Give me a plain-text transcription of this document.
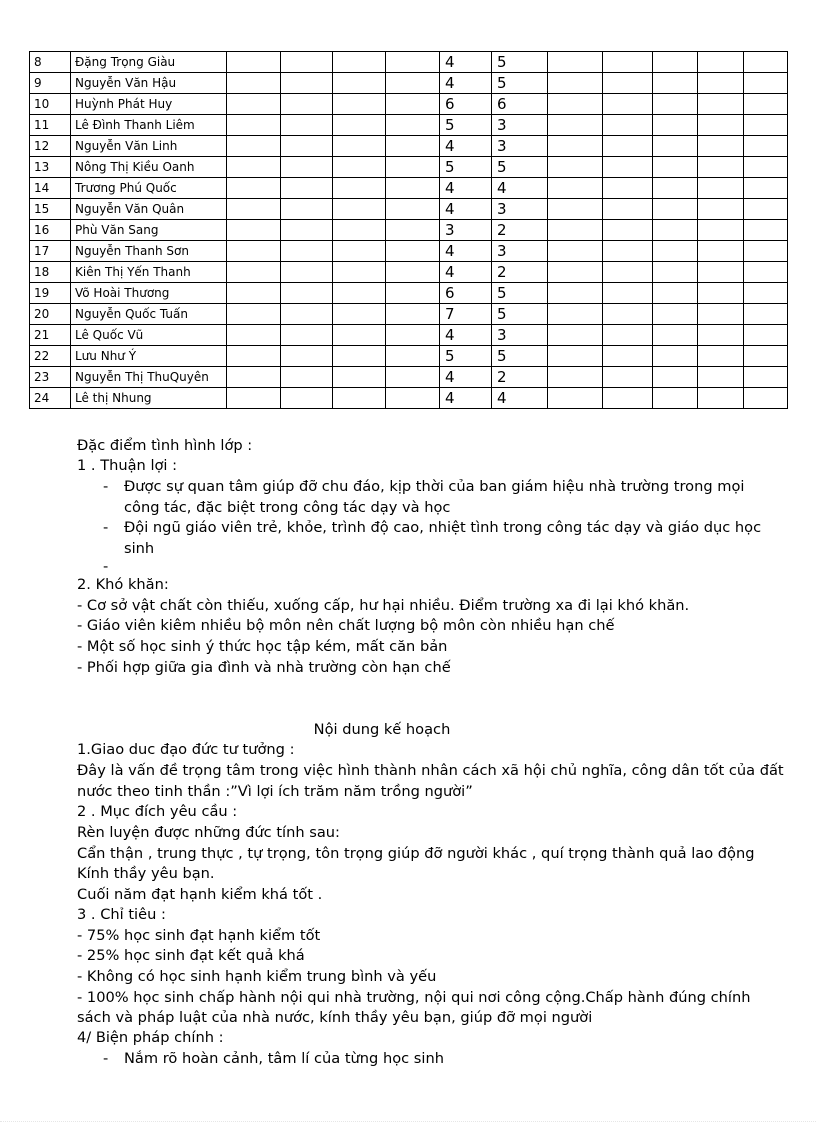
8	Đặng Trọng Giàu					4	5					
9	Nguyễn Văn Hậu					4	5					
10	Huỳnh Phát Huy					6	6					
11	Lê Đình Thanh Liêm					5	3					
12	Nguyễn Văn Linh					4	3					
13	Nông Thị Kiều Oanh					5	5					
14	Trương Phú Quốc					4	4					
15	Nguyễn Văn Quân					4	3					
16	Phù Văn Sang					3	2					
17	Nguyễn Thanh Sơn					4	3					
18	Kiên Thị Yến Thanh					4	2					
19	Võ Hoài Thương					6	5					
20	Nguyễn Quốc Tuấn					7	5					
21	Lê Quốc Vũ					4	3					
22	Lưu Như Ý					5	5					
23	Nguyễn Thị ThuQuyên					4	2					
24	Lê thị Nhung					4	4					
Đặc điểm tình hình lớp :
1 . Thuận lợi :
- Được sự quan tâm giúp đỡ chu đáo, kịp thời của ban giám hiệu nhà trường trong mọi công tác, đặc biệt trong công tác dạy và học
- Đội ngũ giáo viên trẻ, khỏe, trình độ cao, nhiệt tình trong công tác dạy và giáo dục học sinh
-
2. Khó khăn:
- Cơ sở vật chất còn thiếu, xuống cấp, hư hại nhiều. Điểm trường xa đi lại khó khăn.
- Giáo viên kiêm nhiều bộ môn nên chất lượng bộ môn còn nhiều hạn chế
- Một số học sinh ý thức học tập kém, mất căn bản
- Phối hợp giữa gia đình và nhà trường còn hạn chế
Nội dung kế hoạch
1.Giao duc đạo đức tư tưởng :
Đây là vấn đề trọng tâm trong việc hình thành nhân cách xã hội chủ nghĩa, công dân tốt của đất
nước theo tinh thần :”Vì lợi ích trăm năm trồng người”
2 . Mục đích yêu cầu :
Rèn luyện được những đức tính sau:
Cẩn thận , trung thực , tự trọng, tôn trọng giúp đỡ người khác , quí trọng thành quả lao động
Kính thầy yêu bạn.
Cuối năm đạt hạnh kiểm khá tốt .
3 . Chỉ tiêu :
- 75% học sinh đạt hạnh kiểm tốt
- 25% học sinh đạt kết quả khá
- Không có học sinh hạnh kiểm trung bình và yếu
- 100% học sinh chấp hành nội qui nhà trường, nội qui nơi công cộng.Chấp hành đúng chính
sách và pháp luật của nhà nước, kính thầy yêu bạn, giúp đỡ mọi người
4/ Biện pháp chính :
- Nắm rõ hoàn cảnh, tâm lí của từng học sinh
